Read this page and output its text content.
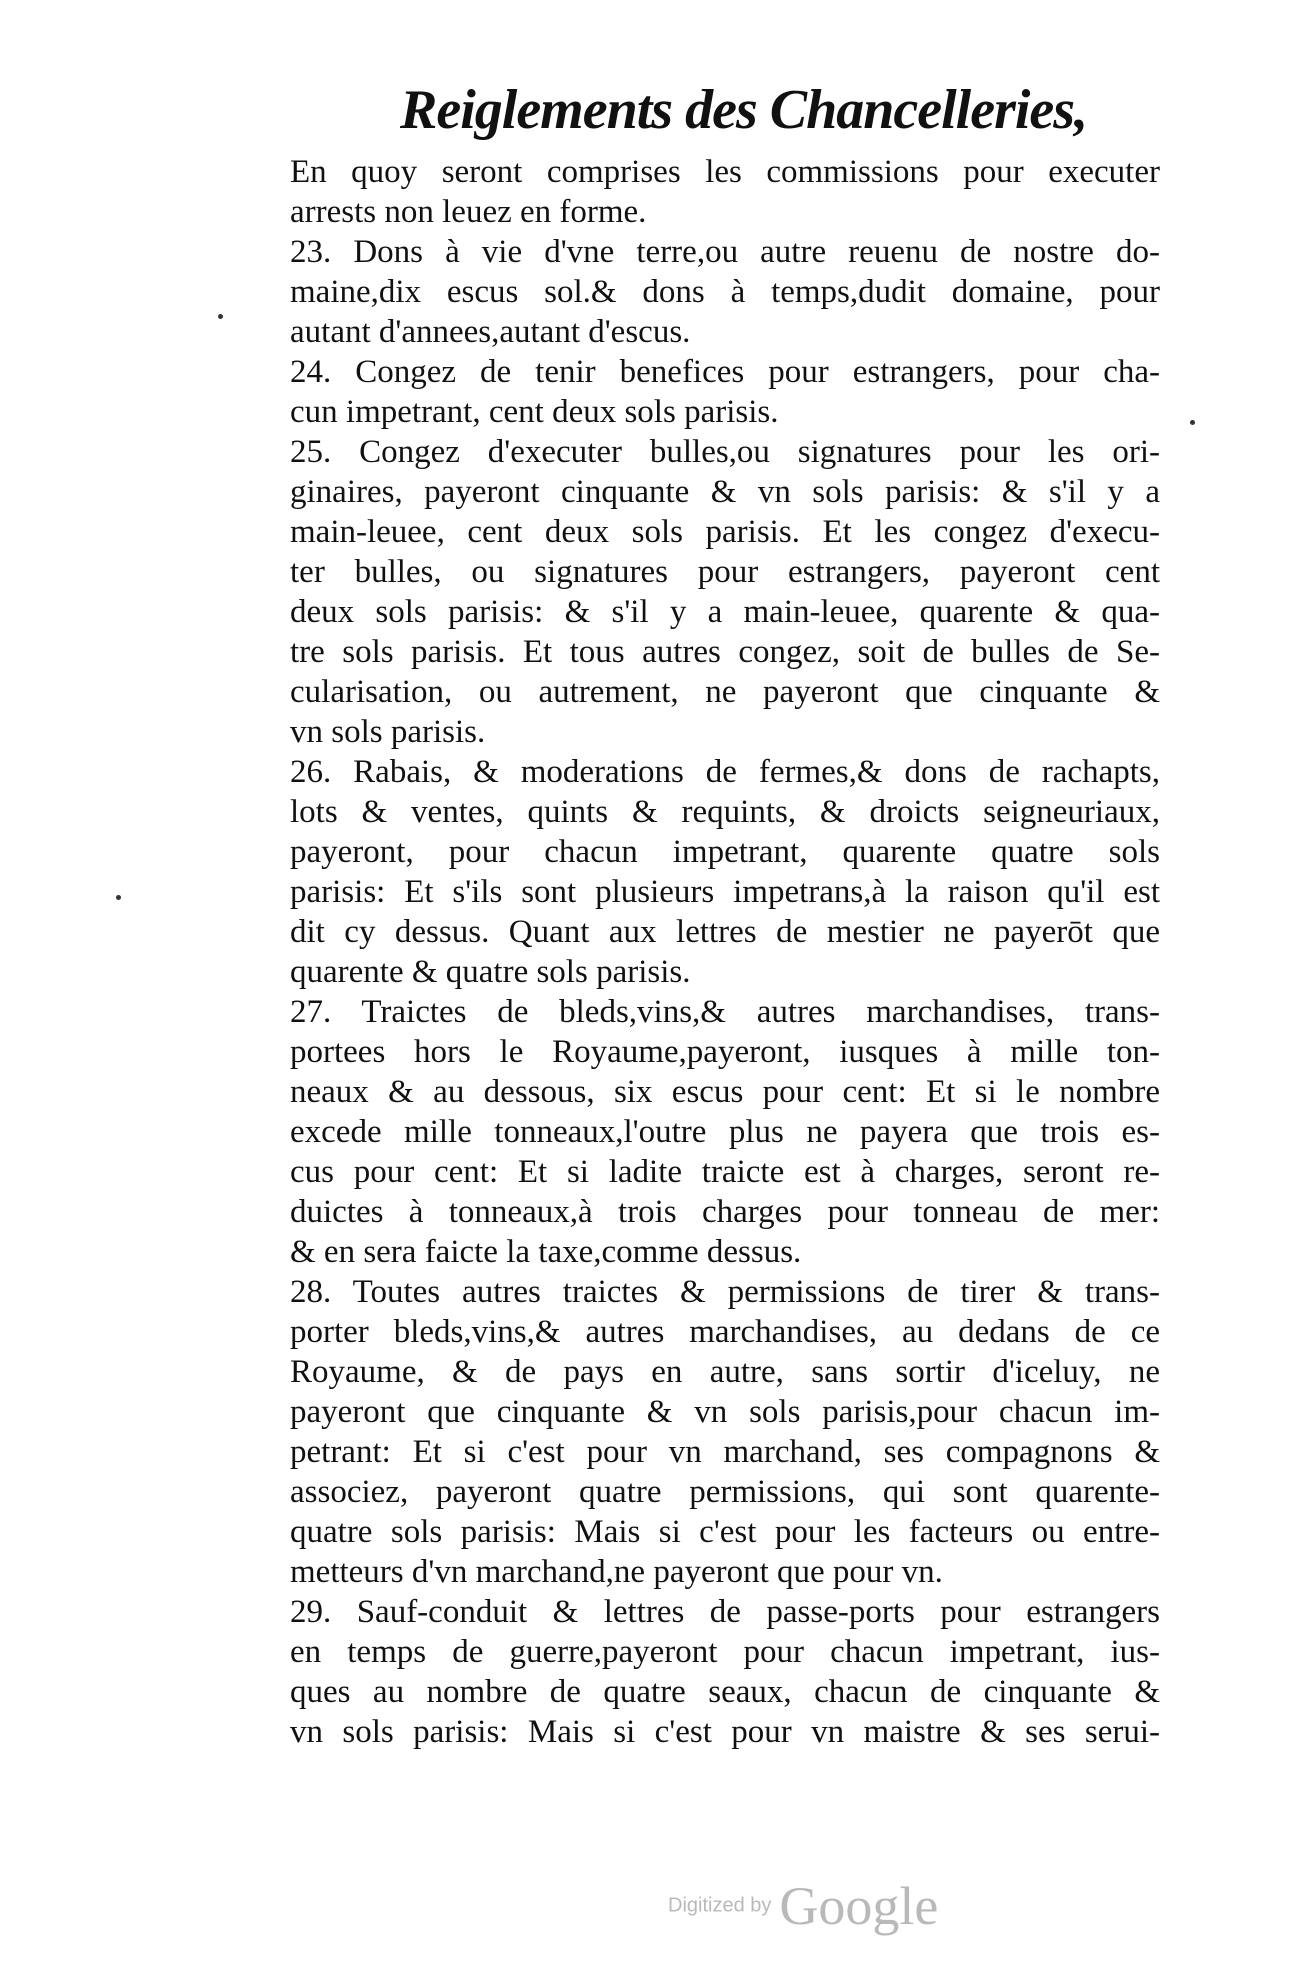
Reiglements des Chancelleries,
En quoy seront comprises les commissions pour executer
arrests non leuez en forme.
23. Dons à vie d'vne terre,ou autre reuenu de nostre do-
maine,dix escus sol.& dons à temps,dudit domaine, pour
autant d'annees,autant d'escus.
24. Congez de tenir benefices pour estrangers, pour cha-
cun impetrant, cent deux sols parisis.
25. Congez d'executer bulles,ou signatures pour les ori-
ginaires, payeront cinquante & vn sols parisis: & s'il y a
main-leuee, cent deux sols parisis. Et les congez d'execu-
ter bulles, ou signatures pour estrangers, payeront cent
deux sols parisis: & s'il y a main-leuee, quarente & qua-
tre sols parisis. Et tous autres congez, soit de bulles de Se-
cularisation, ou autrement, ne payeront que cinquante &
vn sols parisis.
26. Rabais, & moderations de fermes,& dons de rachapts,
lots & ventes, quints & requints, & droicts seigneuriaux,
payeront, pour chacun impetrant, quarente quatre sols
parisis: Et s'ils sont plusieurs impetrans,à la raison qu'il est
dit cy dessus. Quant aux lettres de mestier ne payerōt que
quarente & quatre sols parisis.
27. Traictes de bleds,vins,& autres marchandises, trans-
portees hors le Royaume,payeront, iusques à mille ton-
neaux & au dessous, six escus pour cent: Et si le nombre
excede mille tonneaux,l'outre plus ne payera que trois es-
cus pour cent: Et si ladite traicte est à charges, seront re-
duictes à tonneaux,à trois charges pour tonneau de mer:
& en sera faicte la taxe,comme dessus.
28. Toutes autres traictes & permissions de tirer & trans-
porter bleds,vins,& autres marchandises, au dedans de ce
Royaume, & de pays en autre, sans sortir d'iceluy, ne
payeront que cinquante & vn sols parisis,pour chacun im-
petrant: Et si c'est pour vn marchand, ses compagnons &
associez, payeront quatre permissions, qui sont quarente-
quatre sols parisis: Mais si c'est pour les facteurs ou entre-
metteurs d'vn marchand,ne payeront que pour vn.
29. Sauf-conduit & lettres de passe-ports pour estrangers
en temps de guerre,payeront pour chacun impetrant, ius-
ques au nombre de quatre seaux, chacun de cinquante &
vn sols parisis: Mais si c'est pour vn maistre & ses serui-
Digitized by Google
